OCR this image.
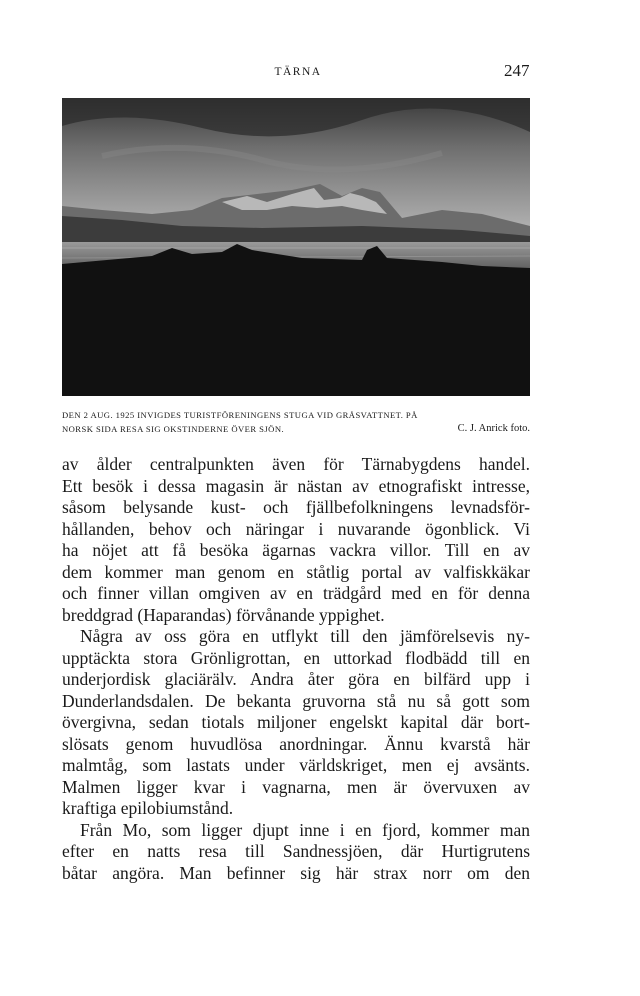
TÄRNA	247
DEN 2 AUG. 1925 INVIGDES TURISTFÖRENINGENS STUGA VID GRÅSVATTNET. PÅ
NORSK SIDA RESA SIG OKSTINDERNE ÖVER SJÖN.	C. J. Anrick foto.
av ålder centralpunkten även för Tärnabygdens handel.
Ett besök i dessa magasin är nästan av etnografiskt intresse,
såsom belysande kust- och fjällbefolkningens levnadsför-
hållanden, behov och näringar i nuvarande ögonblick. Vi
ha nöjet att få besöka ägarnas vackra villor. Till en av
dem kommer man genom en ståtlig portal av valfiskkäkar
och finner villan omgiven av en trädgård med en för denna
breddgrad (Haparandas) förvånande yppighet.
Några av oss göra en utflykt till den jämförelsevis ny-
upptäckta stora Grönligrottan, en uttorkad flodbädd till en
underjordisk glaciärälv. Andra åter göra en bilfärd upp i
Dunderlandsdalen. De bekanta gruvorna stå nu så gott som
övergivna, sedan tiotals miljoner engelskt kapital där bort-
slösats genom huvudlösa anordningar. Ännu kvarstå här
malmtåg, som lastats under världskriget, men ej avsänts.
Malmen ligger kvar i vagnarna, men är övervuxen av
kraftiga epilobiumstånd.
Från Mo, som ligger djupt inne i en fjord, kommer man
efter en natts resa till Sandnessjöen, där Hurtigrutens
båtar angöra. Man befinner sig här strax norr om den
